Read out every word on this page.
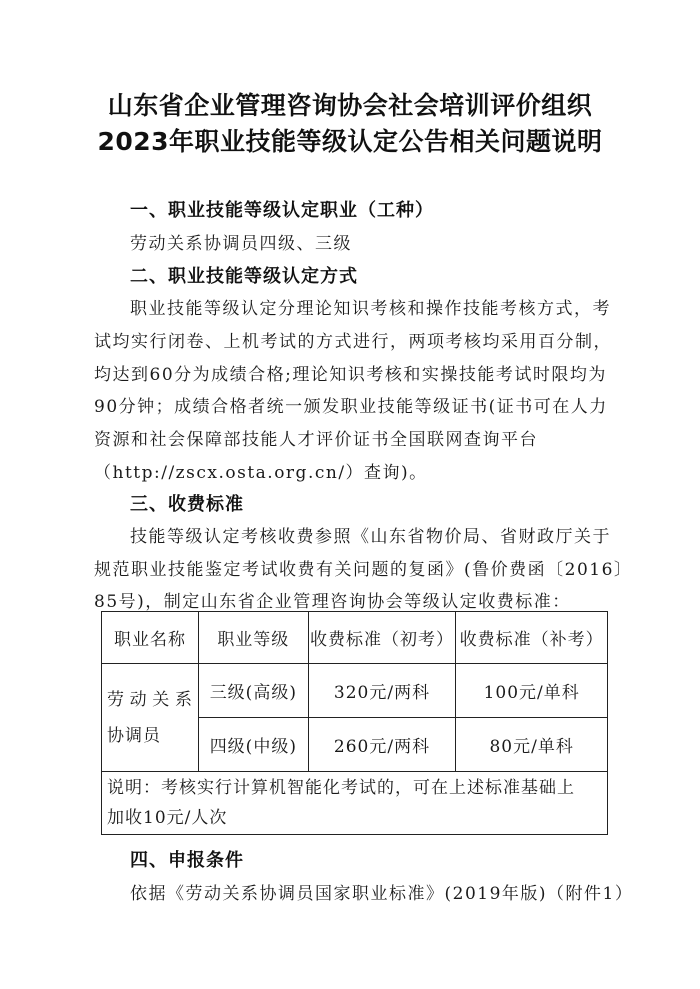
山东省企业管理咨询协会社会培训评价组织
2023年职业技能等级认定公告相关问题说明
一、职业技能等级认定职业（工种）
劳动关系协调员四级、三级
二、职业技能等级认定方式
职业技能等级认定分理论知识考核和操作技能考核方式，考
试均实行闭卷、上机考试的方式进行，两项考核均采用百分制，
均达到60分为成绩合格;理论知识考核和实操技能考试时限均为
90分钟；成绩合格者统一颁发职业技能等级证书(证书可在人力
资源和社会保障部技能人才评价证书全国联网查询平台
（http://zscx.osta.org.cn/）查询)。
三、收费标准
技能等级认定考核收费参照《山东省物价局、省财政厅关于
规范职业技能鉴定考试收费有关问题的复函》(鲁价费函〔2016〕
85号)，制定山东省企业管理咨询协会等级认定收费标准：
职业名称	职业等级	收费标准（初考）	收费标准（补考）

劳动关系
协调员	三级(高级)	320元/两科	100元/单科
	四级(中级)	260元/两科	80元/单科

说明：考核实行计算机智能化考试的，可在上述标准基础上
加收10元/人次			
四、申报条件
依据《劳动关系协调员国家职业标准》(2019年版)（附件1）
